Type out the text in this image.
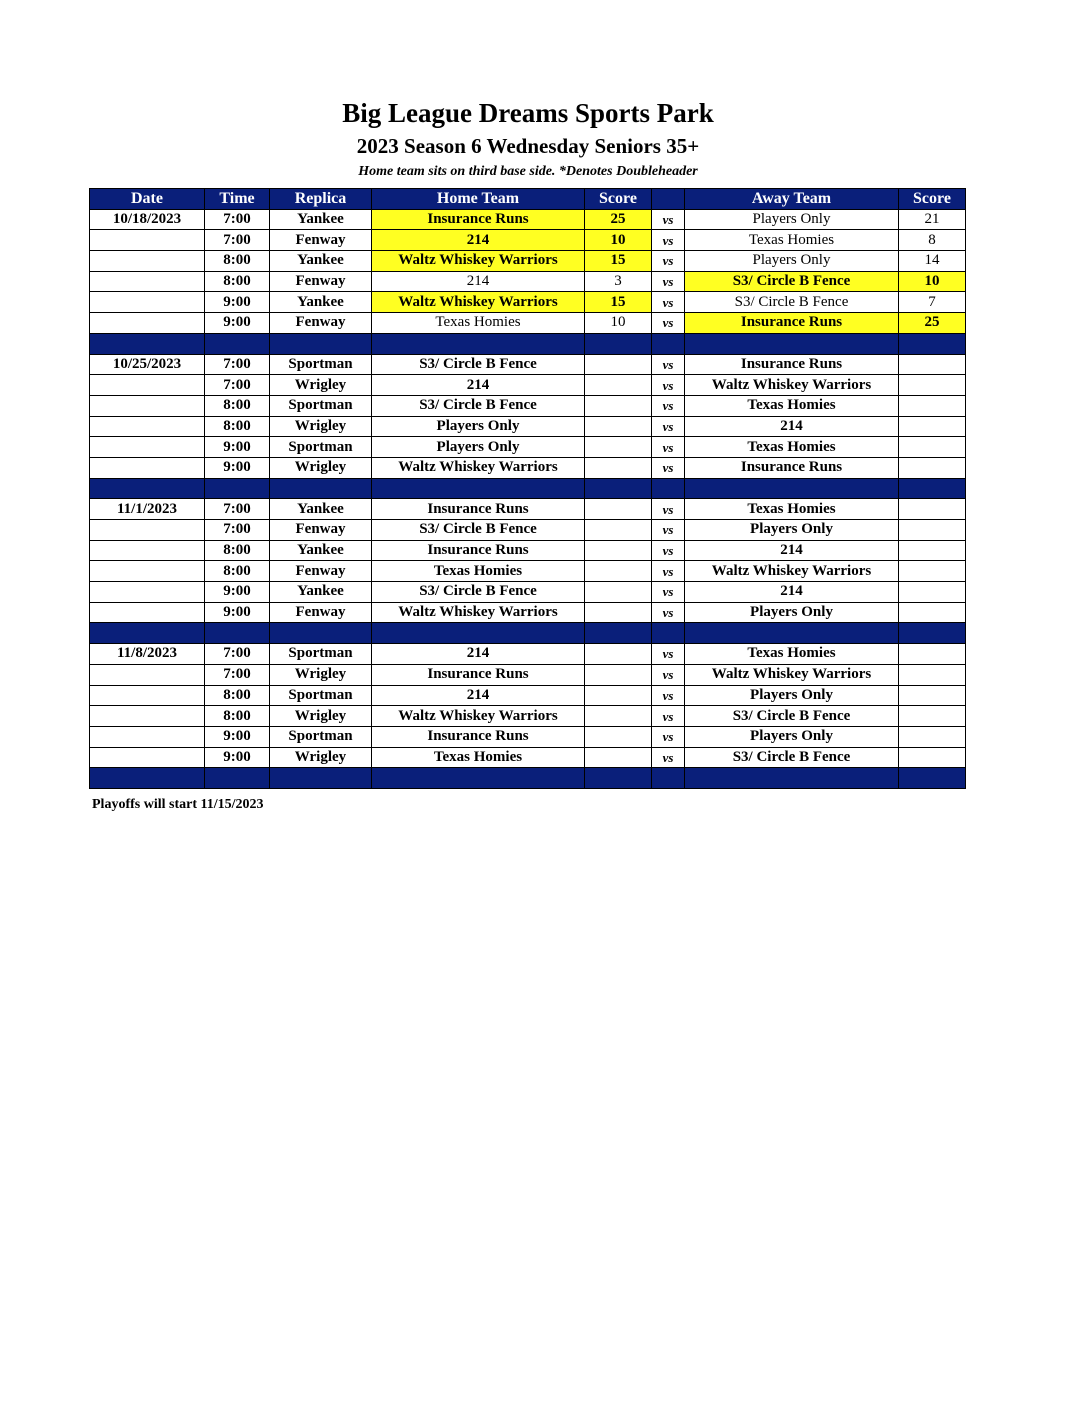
Big League Dreams Sports Park
2023 Season 6 Wednesday Seniors 35+
Home team sits on third base side. *Denotes Doubleheader
Date	Time	Replica	Home Team	Score		Away Team	Score
10/18/2023	7:00	Yankee	Insurance Runs	25	vs	Players Only	21
	7:00	Fenway	214	10	vs	Texas Homies	8
	8:00	Yankee	Waltz Whiskey Warriors	15	vs	Players Only	14
	8:00	Fenway	214	3	vs	S3/ Circle B Fence	10
	9:00	Yankee	Waltz Whiskey Warriors	15	vs	S3/ Circle B Fence	7
	9:00	Fenway	Texas Homies	10	vs	Insurance Runs	25

10/25/2023	7:00	Sportman	S3/ Circle B Fence		vs	Insurance Runs	
	7:00	Wrigley	214		vs	Waltz Whiskey Warriors	
	8:00	Sportman	S3/ Circle B Fence		vs	Texas Homies	
	8:00	Wrigley	Players Only		vs	214	
	9:00	Sportman	Players Only		vs	Texas Homies	
	9:00	Wrigley	Waltz Whiskey Warriors		vs	Insurance Runs	

11/1/2023	7:00	Yankee	Insurance Runs		vs	Texas Homies	
	7:00	Fenway	S3/ Circle B Fence		vs	Players Only	
	8:00	Yankee	Insurance Runs		vs	214	
	8:00	Fenway	Texas Homies		vs	Waltz Whiskey Warriors	
	9:00	Yankee	S3/ Circle B Fence		vs	214	
	9:00	Fenway	Waltz Whiskey Warriors		vs	Players Only	

11/8/2023	7:00	Sportman	214		vs	Texas Homies	
	7:00	Wrigley	Insurance Runs		vs	Waltz Whiskey Warriors	
	8:00	Sportman	214		vs	Players Only	
	8:00	Wrigley	Waltz Whiskey Warriors		vs	S3/ Circle B Fence	
	9:00	Sportman	Insurance Runs		vs	Players Only	
	9:00	Wrigley	Texas Homies		vs	S3/ Circle B Fence	

Playoffs will start 11/15/2023
